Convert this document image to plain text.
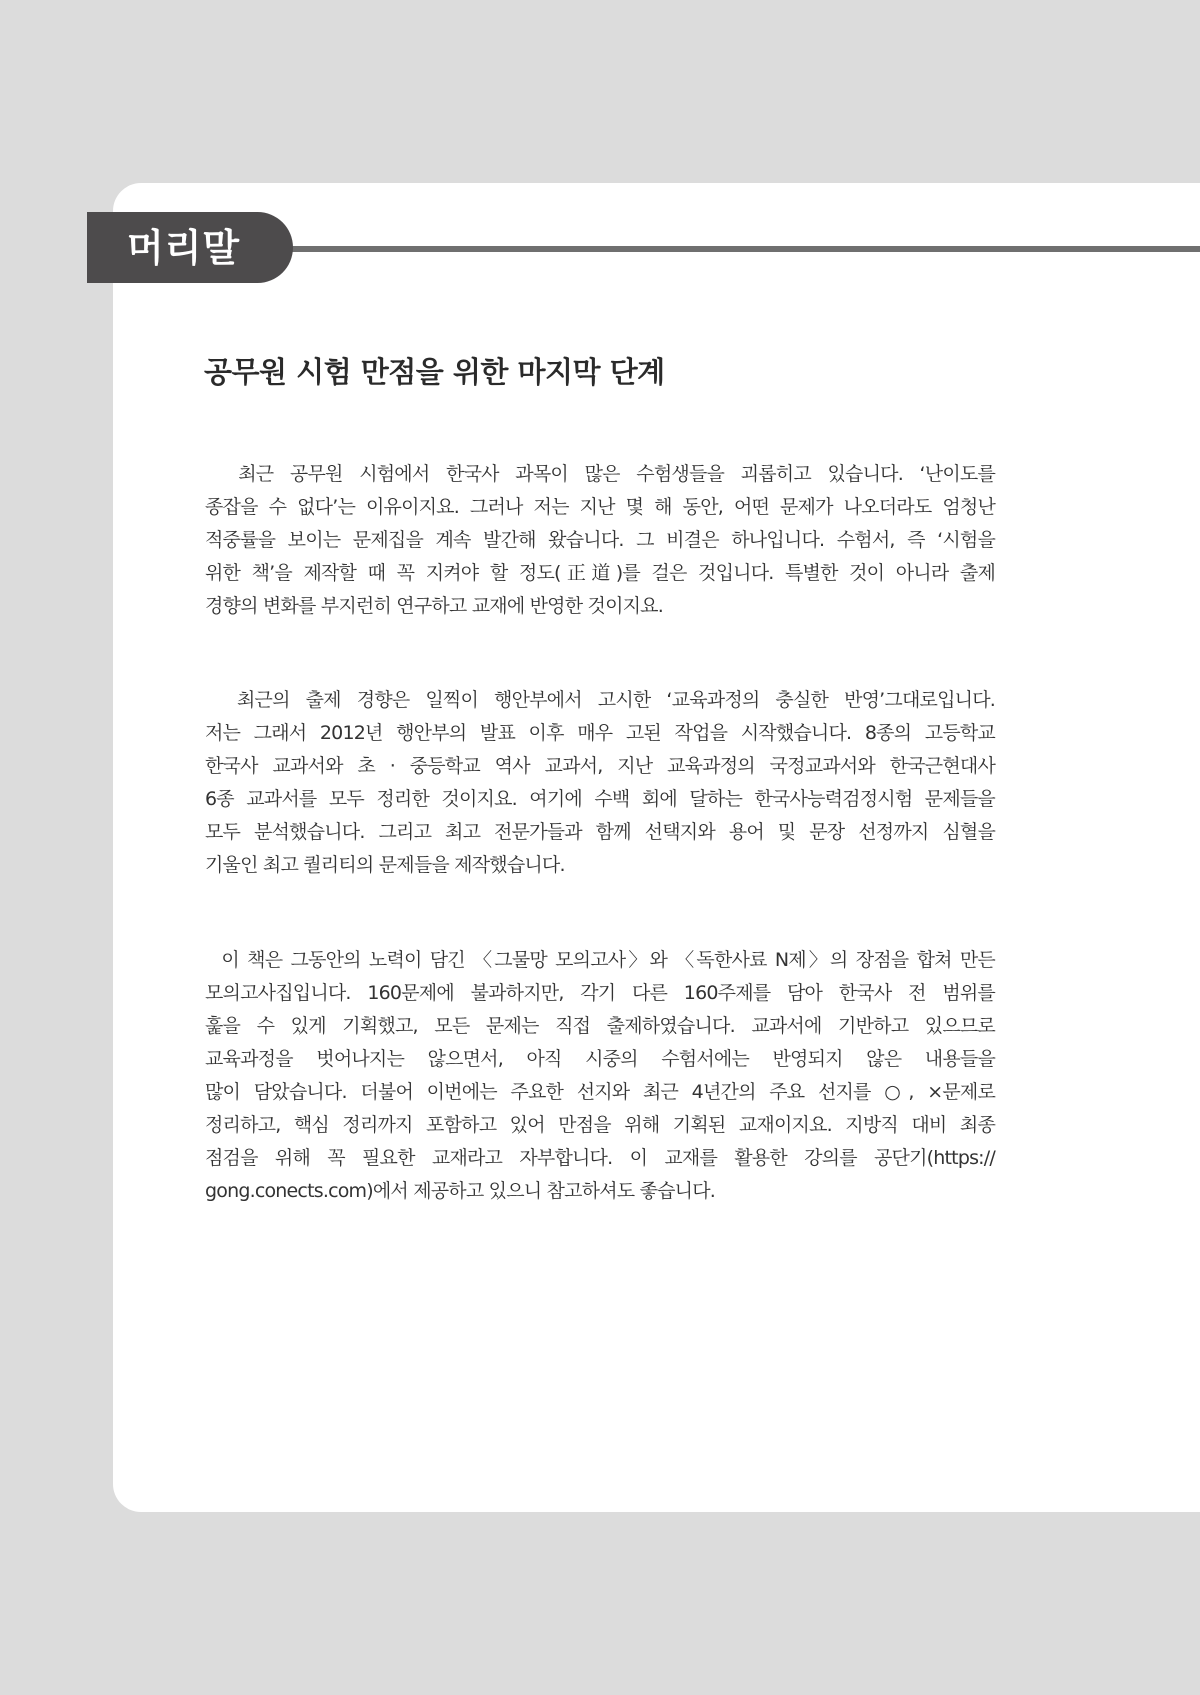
머리말
공무원 시험 만점을 위한 마지막 단계
최근 공무원 시험에서 한국사 과목이 많은 수험생들을 괴롭히고 있습니다. ‘난이도를
종잡을 수 없다’는 이유이지요. 그러나 저는 지난 몇 해 동안, 어떤 문제가 나오더라도 엄청난
적중률을 보이는 문제집을 계속 발간해 왔습니다. 그 비결은 하나입니다. 수험서, 즉 ‘시험을
위한 책’을 제작할 때 꼭 지켜야 할 정도(正道)를 걸은 것입니다. 특별한 것이 아니라 출제
경향의 변화를 부지런히 연구하고 교재에 반영한 것이지요.
최근의 출제 경향은 일찍이 행안부에서 고시한 ‘교육과정의 충실한 반영’그대로입니다.
저는 그래서 2012년 행안부의 발표 이후 매우 고된 작업을 시작했습니다. 8종의 고등학교
한국사 교과서와 초 · 중등학교 역사 교과서, 지난 교육과정의 국정교과서와 한국근현대사
6종 교과서를 모두 정리한 것이지요. 여기에 수백 회에 달하는 한국사능력검정시험 문제들을
모두 분석했습니다. 그리고 최고 전문가들과 함께 선택지와 용어 및 문장 선정까지 심혈을
기울인 최고 퀄리티의 문제들을 제작했습니다.
이 책은 그동안의 노력이 담긴 〈그물망 모의고사〉와 〈독한사료 N제〉의 장점을 합쳐 만든
모의고사집입니다. 160문제에 불과하지만, 각기 다른 160주제를 담아 한국사 전 범위를
훑을 수 있게 기획했고, 모든 문제는 직접 출제하였습니다. 교과서에 기반하고 있으므로
교육과정을 벗어나지는 않으면서, 아직 시중의 수험서에는 반영되지 않은 내용들을
많이 담았습니다. 더불어 이번에는 주요한 선지와 최근 4년간의 주요 선지를 ○, ×문제로
정리하고, 핵심 정리까지 포함하고 있어 만점을 위해 기획된 교재이지요. 지방직 대비 최종
점검을 위해 꼭 필요한 교재라고 자부합니다. 이 교재를 활용한 강의를 공단기(https://
gong.conects.com)에서 제공하고 있으니 참고하셔도 좋습니다.
